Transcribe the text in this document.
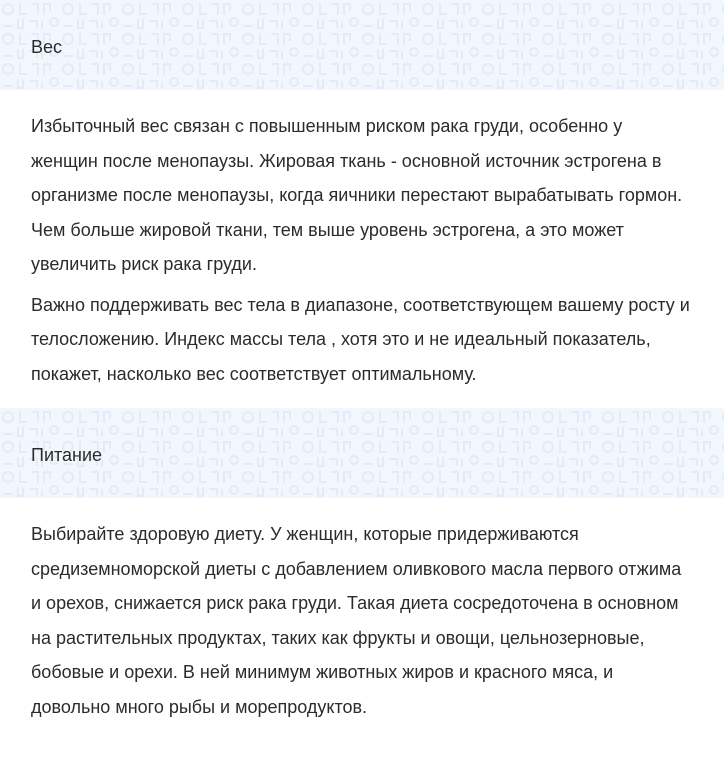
Вес

Избыточный вес связан с повышенным риском рака груди, особенно у женщин после менопаузы. Жировая ткань - основной источник эстрогена в организме после менопаузы, когда яичники перестают вырабатывать гормон. Чем больше жировой ткани, тем выше уровень эстрогена, а это может увеличить риск рака груди.

Важно поддерживать вес тела в диапазоне, соответствующем вашему росту и телосложению. Индекс массы тела , хотя это и не идеальный показатель, покажет, насколько вес соответствует оптимальному.

Питание

Выбирайте здоровую диету. У женщин, которые придерживаются средиземноморской диеты с добавлением оливкового масла первого отжима и орехов, снижается риск рака груди. Такая диета сосредоточена в основном на растительных продуктах, таких как фрукты и овощи, цельнозерновые, бобовые и орехи. В ней минимум животных жиров и красного мяса, и довольно много рыбы и морепродуктов.
